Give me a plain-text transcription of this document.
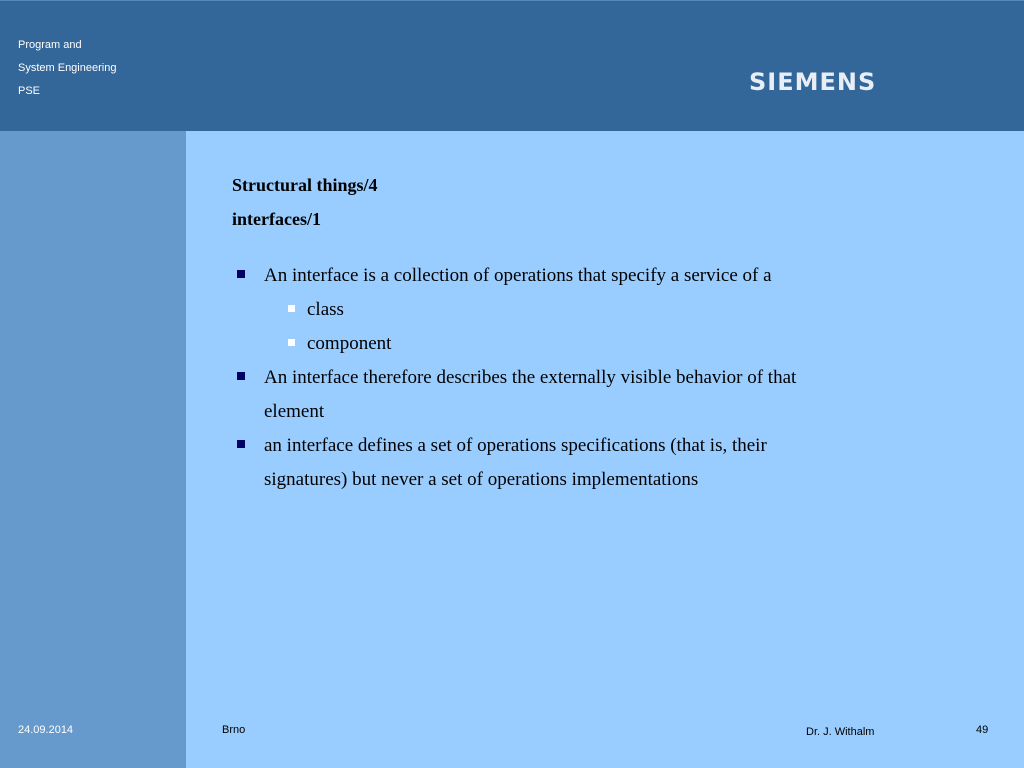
Program and
System Engineering
PSE	SIEMENS
Structural things/4
interfaces/1
An interface is a collection of operations that specify a service of a
class
component
An interface therefore describes the externally visible behavior of that
element
an interface defines a set of operations specifications (that is, their
signatures) but never a set of operations implementations
24.09.2014	Brno	Dr. J. Withalm	49
